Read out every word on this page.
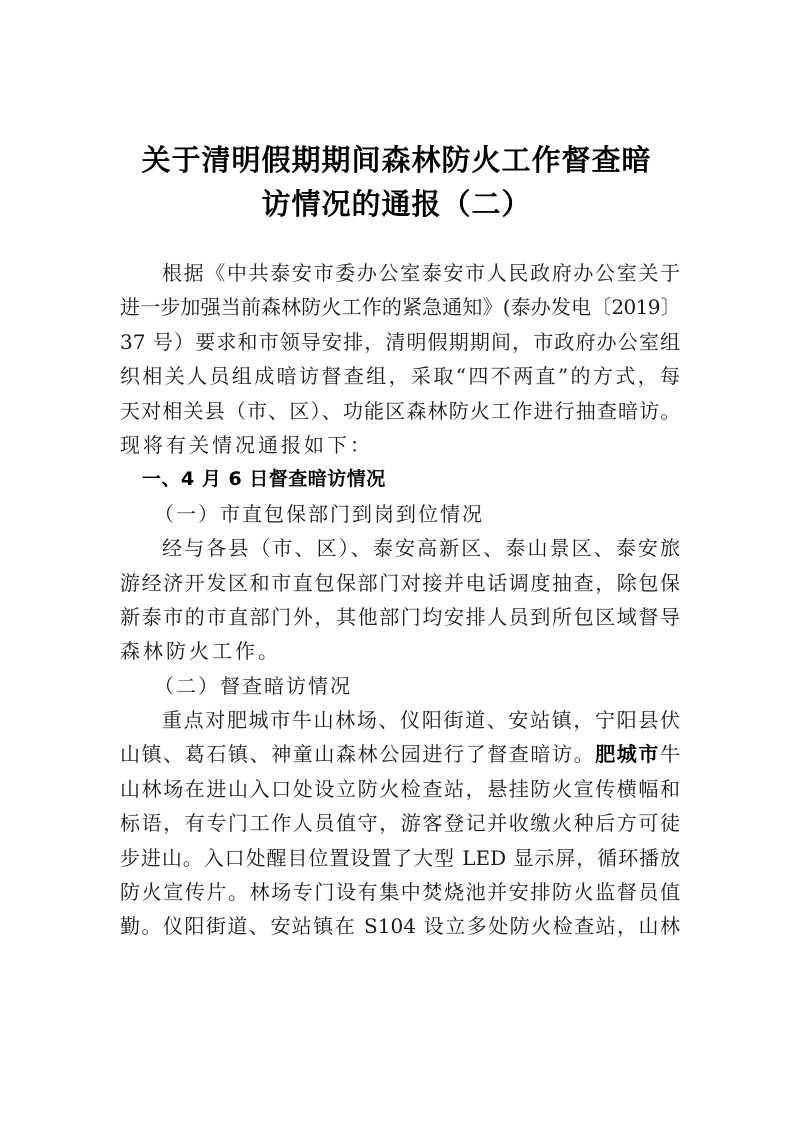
关于清明假期期间森林防火工作督查暗
访情况的通报（二）
根据《中共泰安市委办公室泰安市人民政府办公室关于
进一步加强当前森林防火工作的紧急通知》(泰办发电〔2019〕
37 号）要求和市领导安排，清明假期期间，市政府办公室组
织相关人员组成暗访督查组，采取“四不两直”的方式，每
天对相关县（市、区）、功能区森林防火工作进行抽查暗访。
现将有关情况通报如下：
一、4 月 6 日督查暗访情况
（一）市直包保部门到岗到位情况
经与各县（市、区）、泰安高新区、泰山景区、泰安旅
游经济开发区和市直包保部门对接并电话调度抽查，除包保
新泰市的市直部门外，其他部门均安排人员到所包区域督导
森林防火工作。
（二）督查暗访情况
重点对肥城市牛山林场、仪阳街道、安站镇，宁阳县伏
山镇、葛石镇、神童山森林公园进行了督查暗访。肥城市牛
山林场在进山入口处设立防火检查站，悬挂防火宣传横幅和
标语，有专门工作人员值守，游客登记并收缴火种后方可徒
步进山。入口处醒目位置设置了大型 LED 显示屏，循环播放
防火宣传片。林场专门设有集中焚烧池并安排防火监督员值
勤。仪阳街道、安站镇在 S104 设立多处防火检查站，山林
